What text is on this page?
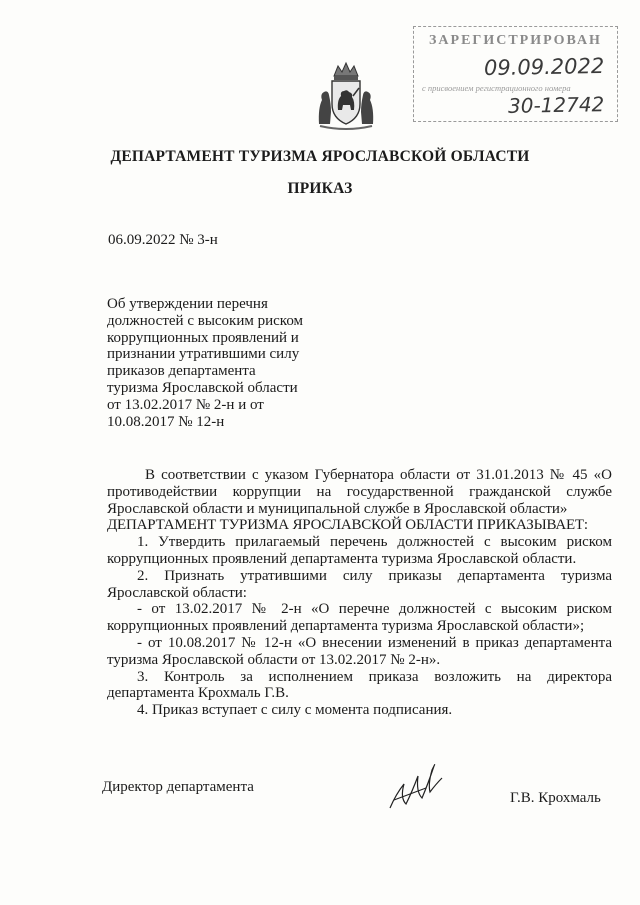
ЗАРЕГИСТРИРОВАН
09.09.2022
с присвоением регистрационного номера
30-12742
ДЕПАРТАМЕНТ ТУРИЗМА ЯРОСЛАВСКОЙ ОБЛАСТИ
ПРИКАЗ
06.09.2022 № 3-н
Об утверждении перечня
должностей с высоким риском
коррупционных проявлений и
признании утратившими силу
приказов департамента
туризма Ярославской области
от 13.02.2017 № 2-н и от
10.08.2017 № 12-н

В соответствии с указом Губернатора области от 31.01.2013 № 45 «О противодействии коррупции на государственной гражданской службе Ярославской области и муниципальной службе в Ярославской области»

ДЕПАРТАМЕНТ ТУРИЗМА ЯРОСЛАВСКОЙ ОБЛАСТИ ПРИКАЗЫВАЕТ:

1. Утвердить прилагаемый перечень должностей с высоким риском коррупционных проявлений департамента туризма Ярославской области.

2. Признать утратившими силу приказы департамента туризма Ярославской области:

- от 13.02.2017 № 2-н «О перечне должностей с высоким риском коррупционных проявлений департамента туризма Ярославской области»;

- от 10.08.2017 № 12-н «О внесении изменений в приказ департамента туризма Ярославской области от 13.02.2017 № 2-н».

3. Контроль за исполнением приказа возложить на директора департамента Крохмаль Г.В.

4. Приказ вступает с силу с момента подписания.

Директор департамента
Г.В. Крохмаль
